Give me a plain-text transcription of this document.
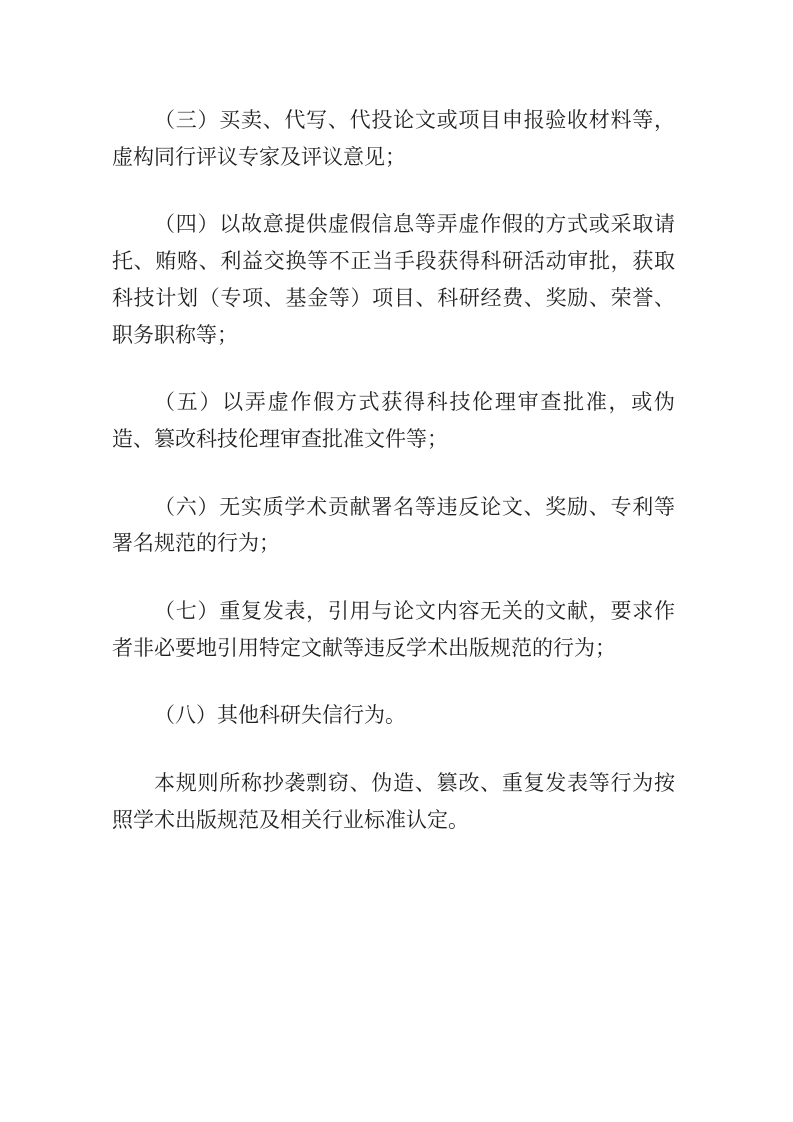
（三）买卖、代写、代投论文或项目申报验收材料等，虚构同行评议专家及评议意见；

（四）以故意提供虚假信息等弄虚作假的方式或采取请托、贿赂、利益交换等不正当手段获得科研活动审批，获取科技计划（专项、基金等）项目、科研经费、奖励、荣誉、职务职称等；

（五）以弄虚作假方式获得科技伦理审查批准，或伪造、篡改科技伦理审查批准文件等；

（六）无实质学术贡献署名等违反论文、奖励、专利等署名规范的行为；

（七）重复发表，引用与论文内容无关的文献，要求作者非必要地引用特定文献等违反学术出版规范的行为；

（八）其他科研失信行为。

本规则所称抄袭剽窃、伪造、篡改、重复发表等行为按照学术出版规范及相关行业标准认定。
